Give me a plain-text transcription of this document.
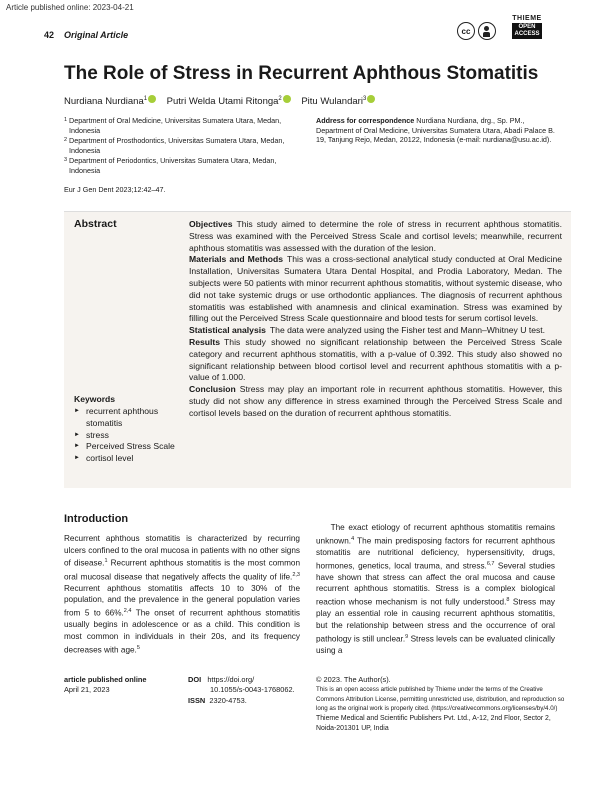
Article published online: 2023-04-21
42 Original Article	cc
THIEME
OPEN
ACCESS
The Role of Stress in Recurrent Aphthous Stomatitis
Nurdiana Nurdiana$^1$ Putri Welda Utami Ritonga$^2$ Pitu Wulandari$^3$
1 Department of Oral Medicine, Universitas Sumatera Utara, Medan, Indonesia
2 Department of Prosthodontics, Universitas Sumatera Utara, Medan, Indonesia
3 Department of Periodontics, Universitas Sumatera Utara, Medan, Indonesia
Address for correspondence Nurdiana Nurdiana, drg., Sp. PM., Department of Oral Medicine, Universitas Sumatera Utara, Abadi Palace B. 19, Tanjung Rejo, Medan, 20122, Indonesia (e-mail: nurdiana@usu.ac.id).
Eur J Gen Dent 2023;12:42–47.
Abstract	Objectives This study aimed to determine the role of stress in recurrent aphthous stomatitis. Stress was examined with the Perceived Stress Scale and cortisol levels; meanwhile, recurrent aphthous stomatitis was assessed with the duration of the lesion.

Materials and Methods This was a cross-sectional analytical study conducted at Oral Medicine Installation, Universitas Sumatera Utara Dental Hospital, and Prodia Laboratory, Medan. The subjects were 50 patients with minor recurrent aphthous stomatitis, without systemic disease, who did not take systemic drugs or use orthodontic appliances. The diagnosis of recurrent aphthous stomatitis was established with anamnesis and clinical examination. Stress was examined by filling out the Perceived Stress Scale questionnaire and blood tests for serum cortisol levels.

Statistical analysis The data were analyzed using the Fisher test and Mann–Whitney U test.

Results This study showed no significant relationship between the Perceived Stress Scale category and recurrent aphthous stomatitis, with a p-value of 0.392. This study also showed no significant relationship between blood cortisol level and recurrent aphthous stomatitis with a p-value of 1.000.

Conclusion Stress may play an important role in recurrent aphthous stomatitis. However, this study did not show any difference in stress examined through the Perceived Stress Scale and cortisol levels based on the duration of recurrent aphthous stomatitis.

Keywords
► recurrent aphthous stomatitis
► stress
► Perceived Stress Scale
► cortisol level
Introduction
Recurrent aphthous stomatitis is characterized by recurring ulcers confined to the oral mucosa in patients with no other signs of disease.$^1$ Recurrent aphthous stomatitis is the most common oral mucosal disease that negatively affects the quality of life.$^{2,3}$ Recurrent aphthous stomatitis affects 10 to 30% of the population, and the prevalence in the general population varies from 5 to 66%.$^{2,4}$ The onset of recurrent aphthous stomatitis usually begins in adolescence or as a child. This condition is most common in individuals in their 20s, and its frequency decreases with age.$^5$
The exact etiology of recurrent aphthous stomatitis remains unknown.$^4$ The main predisposing factors for recurrent aphthous stomatitis are nutritional deficiency, hypersensitivity, drugs, hormones, genetics, local trauma, and stress.$^{6,7}$ Several studies have shown that stress can affect the oral mucosa and cause recurrent aphthous stomatitis. Stress is a complex biological reaction whose mechanism is not fully understood.$^8$ Stress may play an essential role in causing recurrent aphthous stomatitis, but the relationship between stress and the occurrence of oral pathology is still unclear.$^9$ Stress levels can be evaluated clinically using a
article published online
April 21, 2023
DOI https://doi.org/
10.1055/s-0043-1768062.
ISSN 2320-4753.
© 2023. The Author(s).
This is an open access article published by Thieme under the terms of the Creative Commons Attribution License, permitting unrestricted use, distribution, and reproduction so long as the original work is properly cited. (https://creativecommons.org/licenses/by/4.0/)
Thieme Medical and Scientific Publishers Pvt. Ltd., A-12, 2nd Floor, Sector 2, Noida-201301 UP, India
